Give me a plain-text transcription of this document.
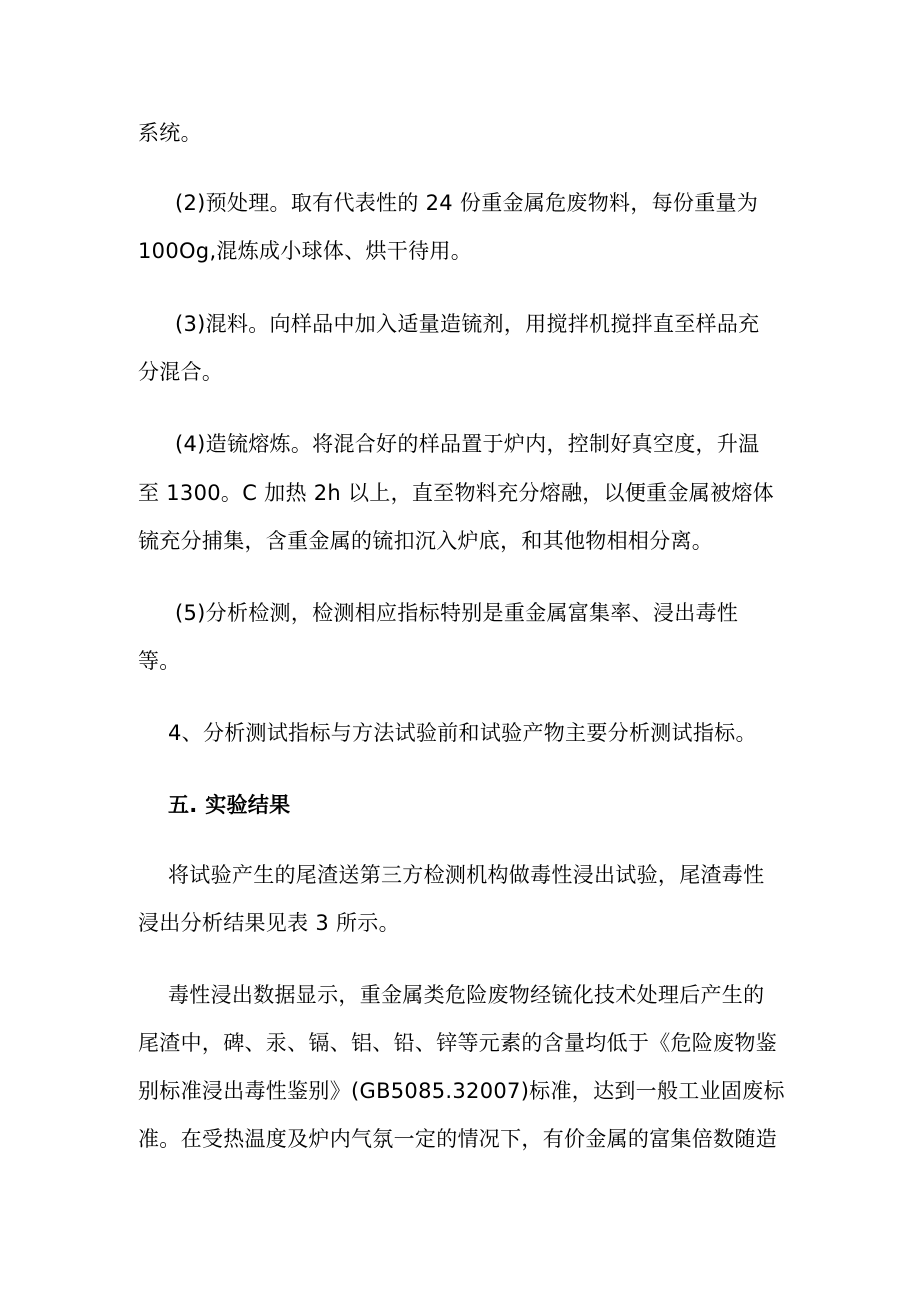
系统。
(2)预处理。取有代表性的 24 份重金属危废物料，每份重量为
100Og,混炼成小球体、烘干待用。
(3)混料。向样品中加入适量造锍剂，用搅拌机搅拌直至样品充
分混合。
(4)造锍熔炼。将混合好的样品置于炉内，控制好真空度，升温
至 1300。C 加热 2h 以上，直至物料充分熔融，以便重金属被熔体
锍充分捕集，含重金属的锍扣沉入炉底，和其他物相相分离。
(5)分析检测，检测相应指标特别是重金属富集率、浸出毒性
等。
4、分析测试指标与方法试验前和试验产物主要分析测试指标。
五. 实验结果
将试验产生的尾渣送第三方检测机构做毒性浸出试验，尾渣毒性
浸出分析结果见表 3 所示。
毒性浸出数据显示，重金属类危险废物经锍化技术处理后产生的
尾渣中，碑、汞、镉、铝、铅、锌等元素的含量均低于《危险废物鉴
别标准浸出毒性鉴别》(GB5085.32007)标准，达到一般工业固废标
准。在受热温度及炉内气氛一定的情况下，有价金属的富集倍数随造
